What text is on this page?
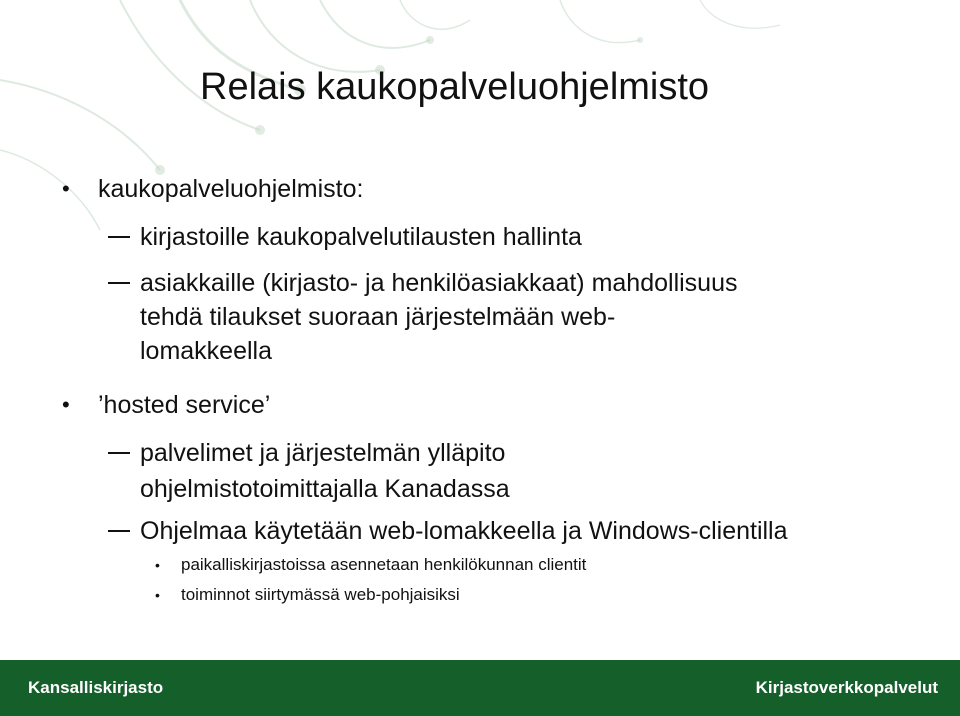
Relais kaukopalveluohjelmisto
• kaukopalveluohjelmisto:
kirjastoille kaukopalvelutilausten hallinta
asiakkaille (kirjasto- ja henkilöasiakkaat) mahdollisuus
tehdä tilaukset suoraan järjestelmään web-
lomakkeella
• ’hosted service’
palvelimet ja järjestelmän ylläpito
ohjelmistotoimittajalla Kanadassa
Ohjelmaa käytetään web-lomakkeella ja Windows-clientilla
• paikalliskirjastoissa asennetaan henkilökunnan clientit
• toiminnot siirtymässä web-pohjaisiksi
Kansalliskirjasto	Kirjastoverkkopalvelut
